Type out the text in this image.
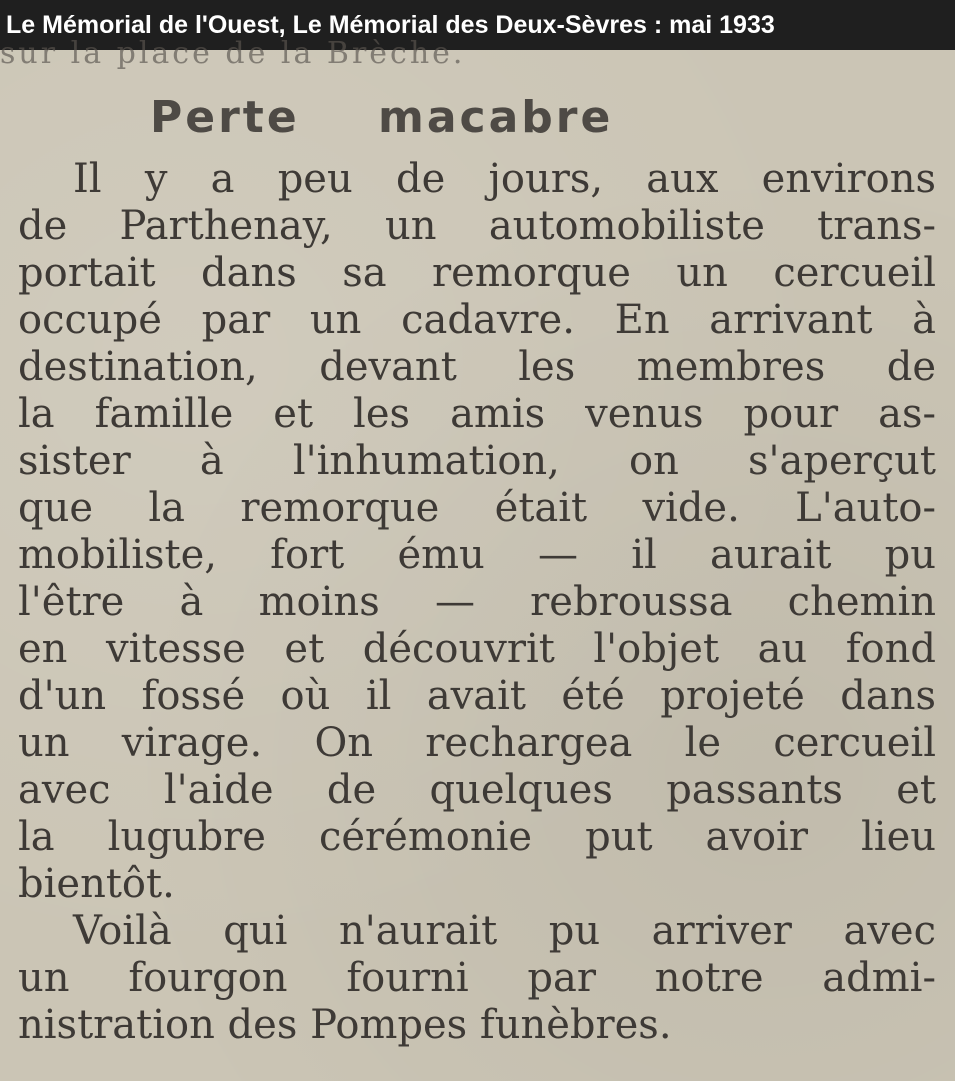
Le Mémorial de l'Ouest, Le Mémorial des Deux-Sèvres : mai 1933
sur la place de la Brèche.
Perte macabre
Il y a peu de jours, aux environs
de Parthenay, un automobiliste trans-
portait dans sa remorque un cercueil
occupé par un cadavre. En arrivant à
destination, devant les membres de
la famille et les amis venus pour as-
sister à l'inhumation, on s'aperçut
que la remorque était vide. L'auto-
mobiliste, fort ému — il aurait pu
l'être à moins — rebroussa chemin
en vitesse et découvrit l'objet au fond
d'un fossé où il avait été projeté dans
un virage. On rechargea le cercueil
avec l'aide de quelques passants et
la lugubre cérémonie put avoir lieu
bientôt.
Voilà qui n'aurait pu arriver avec
un fourgon fourni par notre admi-
nistration des Pompes funèbres.
